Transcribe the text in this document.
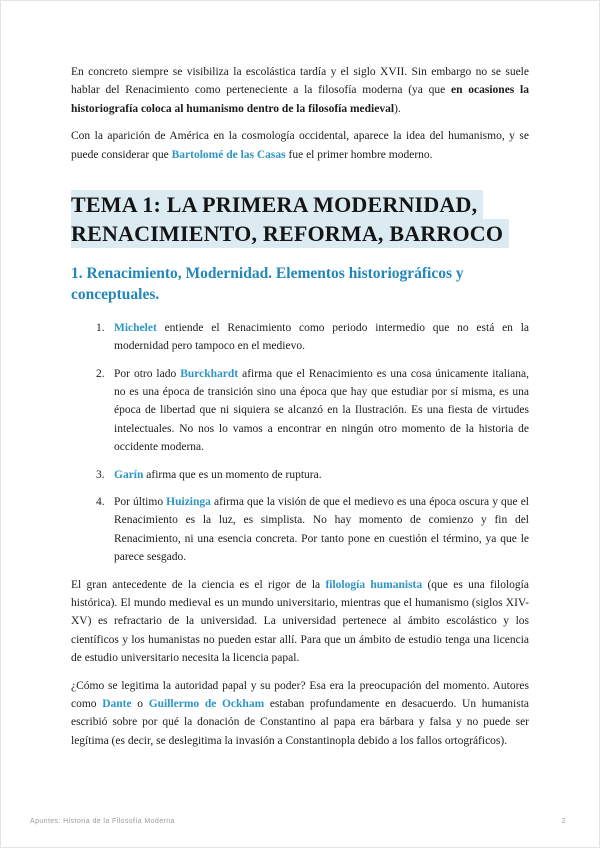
En concreto siempre se visibiliza la escolástica tardía y el siglo XVII. Sin embargo no se suele hablar del Renacimiento como perteneciente a la filosofía moderna (ya que en ocasiones la historiografía coloca al humanismo dentro de la filosofía medieval).

Con la aparición de América en la cosmología occidental, aparece la idea del humanismo, y se puede considerar que Bartolomé de las Casas fue el primer hombre moderno.

TEMA 1: LA PRIMERA MODERNIDAD, RENACIMIENTO, REFORMA, BARROCO
1. Renacimiento, Modernidad. Elementos historiográficos y conceptuales.
1. Michelet entiende el Renacimiento como periodo intermedio que no está en la modernidad pero tampoco en el medievo.
2. Por otro lado Burckhardt afirma que el Renacimiento es una cosa únicamente italiana, no es una época de transición sino una época que hay que estudiar por sí misma, es una época de libertad que ni siquiera se alcanzó en la Ilustración. Es una fiesta de virtudes intelectuales. No nos lo vamos a encontrar en ningún otro momento de la historia de occidente moderna.
3. Garín afirma que es un momento de ruptura.
4. Por último Huizinga afirma que la visión de que el medievo es una época oscura y que el Renacimiento es la luz, es simplista. No hay momento de comienzo y fin del Renacimiento, ni una esencia concreta. Por tanto pone en cuestión el término, ya que le parece sesgado.

El gran antecedente de la ciencia es el rigor de la filología humanista (que es una filología histórica). El mundo medieval es un mundo universitario, mientras que el humanismo (siglos XIV-XV) es refractario de la universidad. La universidad pertenece al ámbito escolástico y los científicos y los humanistas no pueden estar allí. Para que un ámbito de estudio tenga una licencia de estudio universitario necesita la licencia papal.

¿Cómo se legitima la autoridad papal y su poder? Esa era la preocupación del momento. Autores como Dante o Guillermo de Ockham estaban profundamente en desacuerdo. Un humanista escribió sobre por qué la donación de Constantino al papa era bárbara y falsa y no puede ser legítima (es decir, se deslegitima la invasión a Constantinopla debido a los fallos ortográficos).

Apuntes: Historia de la Filosofía Moderna	2
